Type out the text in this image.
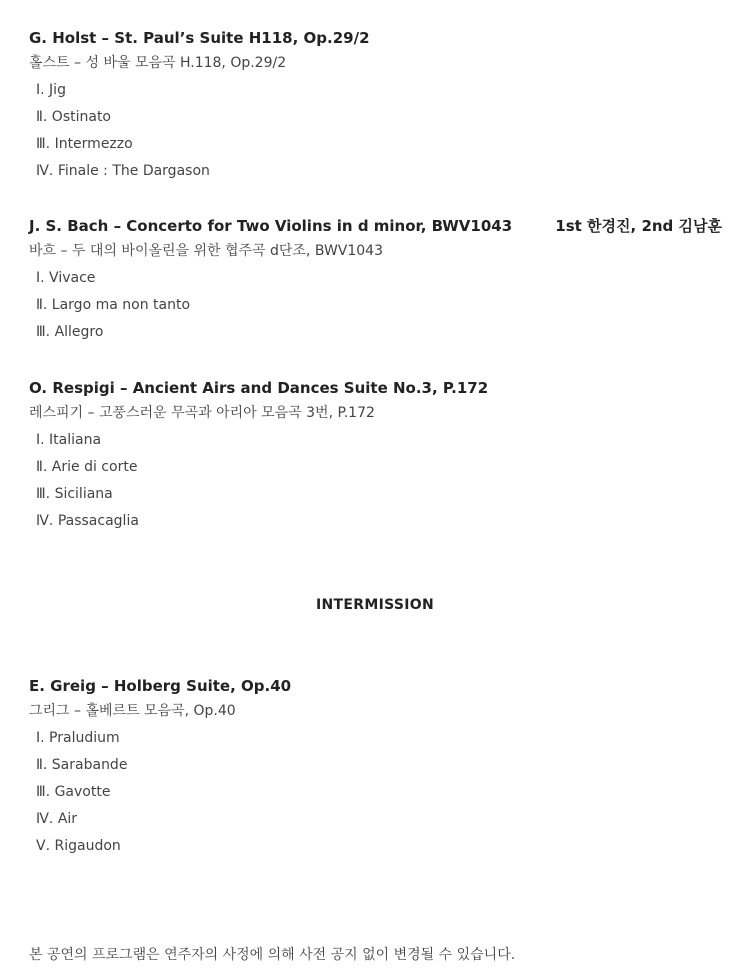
G. Holst – St. Paul’s Suite H118, Op.29/2
홀스트 – 성 바울 모음곡 H.118, Op.29/2
Ⅰ. Jig
Ⅱ. Ostinato
Ⅲ. Intermezzo
Ⅳ. Finale : The Dargason
J. S. Bach – Concerto for Two Violins in d minor, BWV1043	1st 한경진, 2nd 김남훈
바흐 – 두 대의 바이올린을 위한 협주곡 d단조, BWV1043
Ⅰ. Vivace
Ⅱ. Largo ma non tanto
Ⅲ. Allegro
O. Respigi – Ancient Airs and Dances Suite No.3, P.172
레스피기 – 고풍스러운 무곡과 아리아 모음곡 3번, P.172
Ⅰ. Italiana
Ⅱ. Arie di corte
Ⅲ. Siciliana
Ⅳ. Passacaglia
INTERMISSION
E. Greig – Holberg Suite, Op.40
그리그 – 홀베르트 모음곡, Op.40
Ⅰ. Praludium
Ⅱ. Sarabande
Ⅲ. Gavotte
Ⅳ. Air
Ⅴ. Rigaudon
본 공연의 프로그램은 연주자의 사정에 의해 사전 공지 없이 변경될 수 있습니다.
